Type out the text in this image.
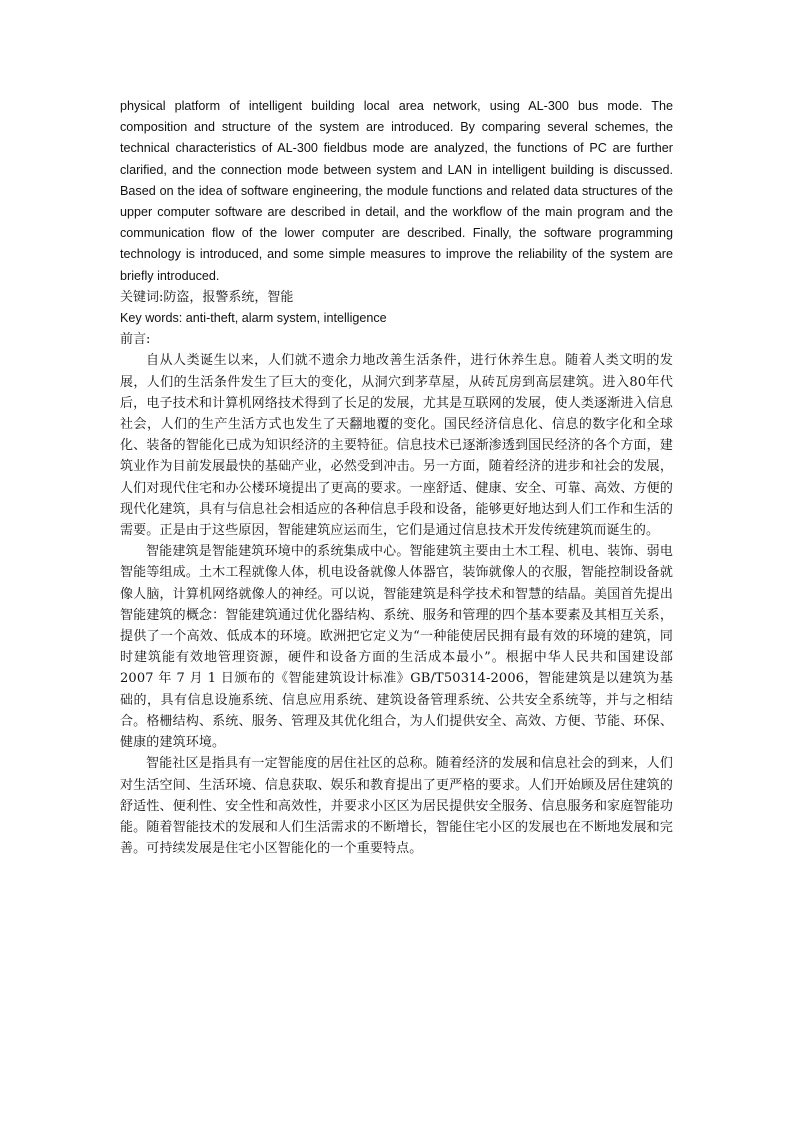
physical platform of intelligent building local area network, using AL-300 bus mode. The composition and structure of the system are introduced. By comparing several schemes, the technical characteristics of AL-300 fieldbus mode are analyzed, the functions of PC are further clarified, and the connection mode between system and LAN in intelligent building is discussed. Based on the idea of software engineering, the module functions and related data structures of the upper computer software are described in detail, and the workflow of the main program and the communication flow of the lower computer are described. Finally, the software programming technology is introduced, and some simple measures to improve the reliability of the system are briefly introduced.

关键词:防盗，报警系统，智能

Key words: anti-theft, alarm system, intelligence

前言:

自从人类诞生以来，人们就不遗余力地改善生活条件，进行休养生息。随着人类文明的发展，人们的生活条件发生了巨大的变化，从洞穴到茅草屋，从砖瓦房到高层建筑。进入80年代后，电子技术和计算机网络技术得到了长足的发展，尤其是互联网的发展，使人类逐渐进入信息社会，人们的生产生活方式也发生了天翻地覆的变化。国民经济信息化、信息的数字化和全球化、装备的智能化已成为知识经济的主要特征。信息技术已逐渐渗透到国民经济的各个方面，建筑业作为目前发展最快的基础产业，必然受到冲击。另一方面，随着经济的进步和社会的发展，人们对现代住宅和办公楼环境提出了更高的要求。一座舒适、健康、安全、可靠、高效、方便的现代化建筑，具有与信息社会相适应的各种信息手段和设备，能够更好地达到人们工作和生活的需要。正是由于这些原因，智能建筑应运而生，它们是通过信息技术开发传统建筑而诞生的。

智能建筑是智能建筑环境中的系统集成中心。智能建筑主要由土木工程、机电、装饰、弱电智能等组成。土木工程就像人体，机电设备就像人体器官，装饰就像人的衣服，智能控制设备就像人脑，计算机网络就像人的神经。可以说，智能建筑是科学技术和智慧的结晶。美国首先提出智能建筑的概念：智能建筑通过优化器结构、系统、服务和管理的四个基本要素及其相互关系，提供了一个高效、低成本的环境。欧洲把它定义为“一种能使居民拥有最有效的环境的建筑，同时建筑能有效地管理资源，硬件和设备方面的生活成本最小”。根据中华人民共和国建设部 2007 年 7 月 1 日颁布的《智能建筑设计标准》GB/T50314-2006，智能建筑是以建筑为基础的，具有信息设施系统、信息应用系统、建筑设备管理系统、公共安全系统等，并与之相结合。格栅结构、系统、服务、管理及其优化组合，为人们提供安全、高效、方便、节能、环保、健康的建筑环境。

智能社区是指具有一定智能度的居住社区的总称。随着经济的发展和信息社会的到来，人们对生活空间、生活环境、信息获取、娱乐和教育提出了更严格的要求。人们开始顾及居住建筑的舒适性、便利性、安全性和高效性，并要求小区区为居民提供安全服务、信息服务和家庭智能功能。随着智能技术的发展和人们生活需求的不断增长，智能住宅小区的发展也在不断地发展和完善。可持续发展是住宅小区智能化的一个重要特点。
